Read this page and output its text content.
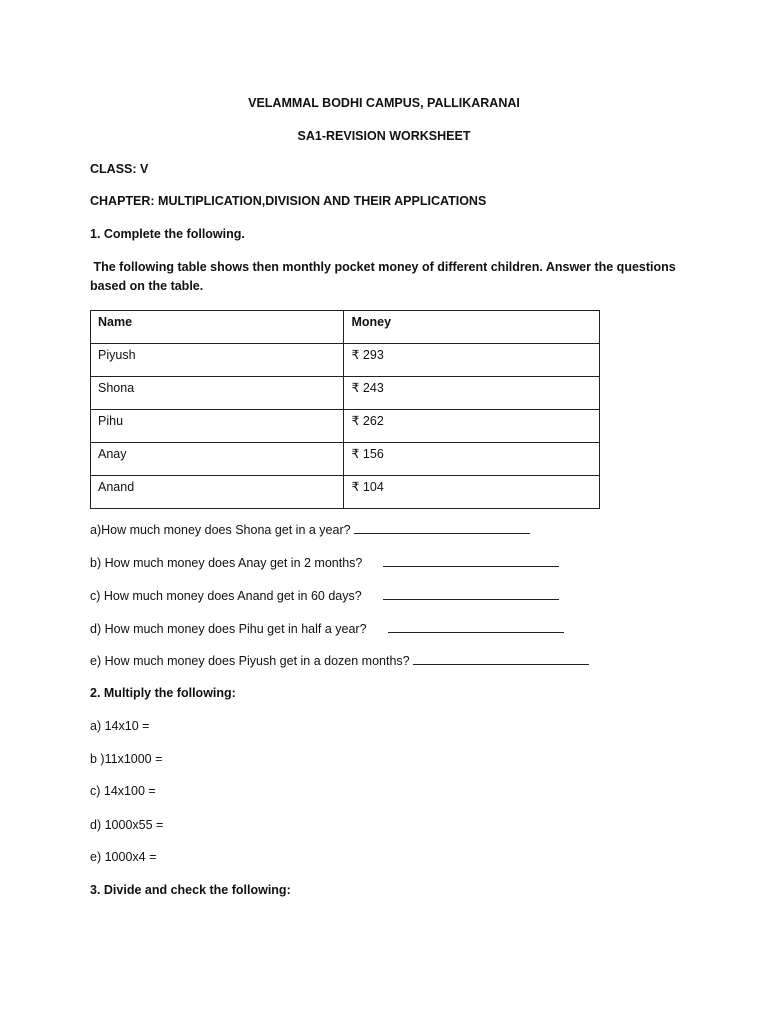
VELAMMAL BODHI CAMPUS, PALLIKARANAI
SA1-REVISION WORKSHEET
CLASS: V
CHAPTER: MULTIPLICATION,DIVISION AND THEIR APPLICATIONS
1. Complete the following.
The following table shows then monthly pocket money of different children. Answer the questions based on the table.
Name	Money
Piyush	₹ 293
Shona	₹ 243
Pihu	₹ 262
Anay	₹ 156
Anand	₹ 104
a)How much money does Shona get in a year?
b) How much money does Anay get in 2 months?
c) How much money does Anand get in 60 days?
d) How much money does Pihu get in half a year?
e) How much money does Piyush get in a dozen months?
2. Multiply the following:
a) 14x10 =
b )11x1000 =
c) 14x100 =
d) 1000x55 =
e) 1000x4 =
3. Divide and check the following:
